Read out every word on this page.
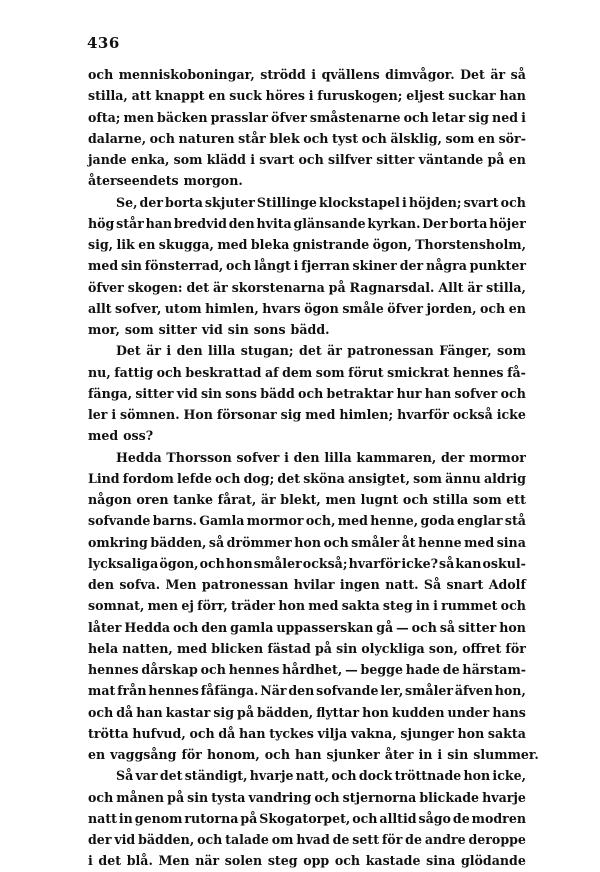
436
och menniskoboningar, strödd i qvällens dimvågor. Det är så
stilla, att knappt en suck höres i furuskogen; eljest suckar han
ofta; men bäcken prasslar öfver småstenarne och letar sig ned i
dalarne, och naturen står blek och tyst och älsklig, som en sör-
jande enka, som klädd i svart och silfver sitter väntande på en
återseendets morgon.
Se, der borta skjuter Stillinge klockstapel i höjden; svart och
hög står han bredvid den hvita glänsande kyrkan. Der borta höjer
sig, lik en skugga, med bleka gnistrande ögon, Thorstensholm,
med sin fönsterrad, och långt i fjerran skiner der några punkter
öfver skogen: det är skorstenarna på Ragnarsdal. Allt är stilla,
allt sofver, utom himlen, hvars ögon småle öfver jorden, och en
mor, som sitter vid sin sons bädd.
Det är i den lilla stugan; det är patronessan Fänger, som
nu, fattig och beskrattad af dem som förut smickrat hennes få-
fänga, sitter vid sin sons bädd och betraktar hur han sofver och
ler i sömnen. Hon försonar sig med himlen; hvarför också icke
med oss?
Hedda Thorsson sofver i den lilla kammaren, der mormor
Lind fordom lefde och dog; det sköna ansigtet, som ännu aldrig
någon oren tanke fårat, är blekt, men lugnt och stilla som ett
sofvande barns. Gamla mormor och, med henne, goda englar stå
omkring bädden, så drömmer hon och småler åt henne med sina
lycksaliga ögon, och hon småler också; hvarför icke? så kan oskul-
den sofva. Men patronessan hvilar ingen natt. Så snart Adolf
somnat, men ej förr, träder hon med sakta steg in i rummet och
låter Hedda och den gamla uppasserskan gå — och så sitter hon
hela natten, med blicken fästad på sin olyckliga son, offret för
hennes dårskap och hennes hårdhet, — begge hade de härstam-
mat från hennes fåfänga. När den sofvande ler, småler äfven hon,
och då han kastar sig på bädden, flyttar hon kudden under hans
trötta hufvud, och då han tyckes vilja vakna, sjunger hon sakta
en vaggsång för honom, och han sjunker åter in i sin slummer.
Så var det ständigt, hvarje natt, och dock tröttnade hon icke,
och månen på sin tysta vandring och stjernorna blickade hvarje
natt in genom rutorna på Skogatorpet, och alltid sågo de modren
der vid bädden, och talade om hvad de sett för de andre deroppe
i det blå. Men när solen steg opp och kastade sina glödande
